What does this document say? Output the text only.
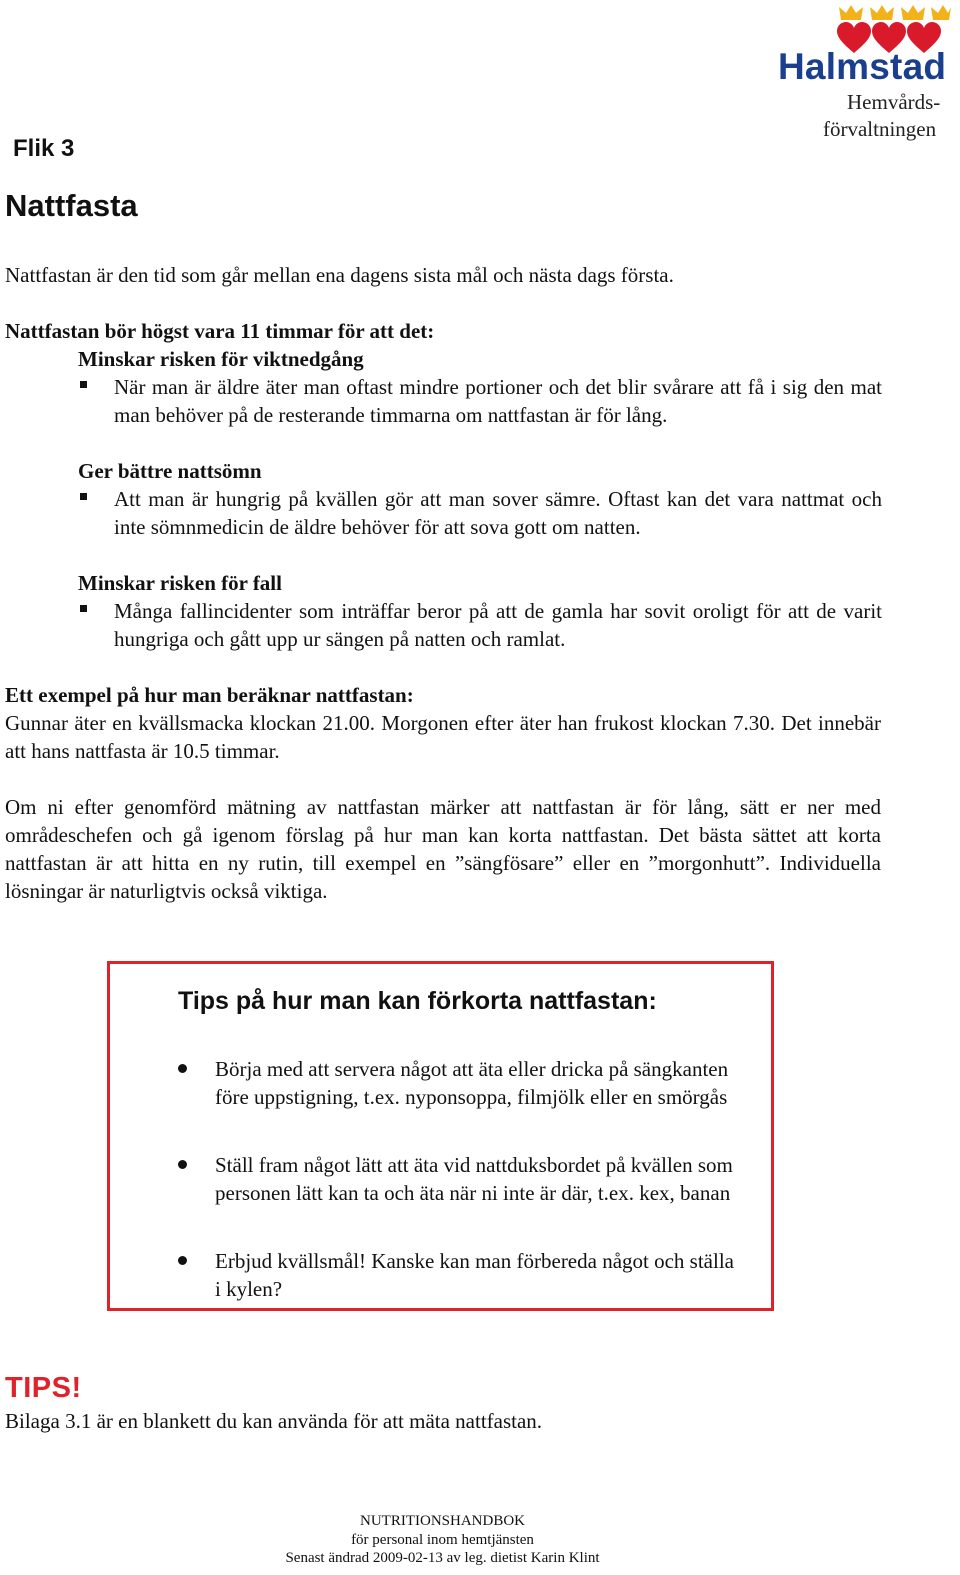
Halmstad
Hemvårds-
förvaltningen
Flik 3
Nattfasta
Nattfastan är den tid som går mellan ena dagens sista mål och nästa dags första.
Nattfastan bör högst vara 11 timmar för att det:
Minskar risken för viktnedgång
När man är äldre äter man oftast mindre portioner och det blir svårare att få i sig den mat man behöver på de resterande timmarna om nattfastan är för lång.
Ger bättre nattsömn
Att man är hungrig på kvällen gör att man sover sämre. Oftast kan det vara nattmat och inte sömnmedicin de äldre behöver för att sova gott om natten.
Minskar risken för fall
Många fallincidenter som inträffar beror på att de gamla har sovit oroligt för att de varit hungriga och gått upp ur sängen på natten och ramlat.
Ett exempel på hur man beräknar nattfastan:
Gunnar äter en kvällsmacka klockan 21.00. Morgonen efter äter han frukost klockan 7.30. Det innebär att hans nattfasta är 10.5 timmar.
Om ni efter genomförd mätning av nattfastan märker att nattfastan är för lång, sätt er ner med områdeschefen och gå igenom förslag på hur man kan korta nattfastan. Det bästa sättet att korta nattfastan är att hitta en ny rutin, till exempel en ”sängfösare” eller en ”morgonhutt”. Individuella lösningar är naturligtvis också viktiga.
Tips på hur man kan förkorta nattfastan:
Börja med att servera något att äta eller dricka på sängkanten före uppstigning, t.ex. nyponsoppa, filmjölk eller en smörgås
Ställ fram något lätt att äta vid nattduksbordet på kvällen som personen lätt kan ta och äta när ni inte är där, t.ex. kex, banan
Erbjud kvällsmål! Kanske kan man förbereda något och ställa i kylen?
TIPS!
Bilaga 3.1 är en blankett du kan använda för att mäta nattfastan.
NUTRITIONSHANDBOK
för personal inom hemtjänsten
Senast ändrad 2009-02-13 av leg. dietist Karin Klint
